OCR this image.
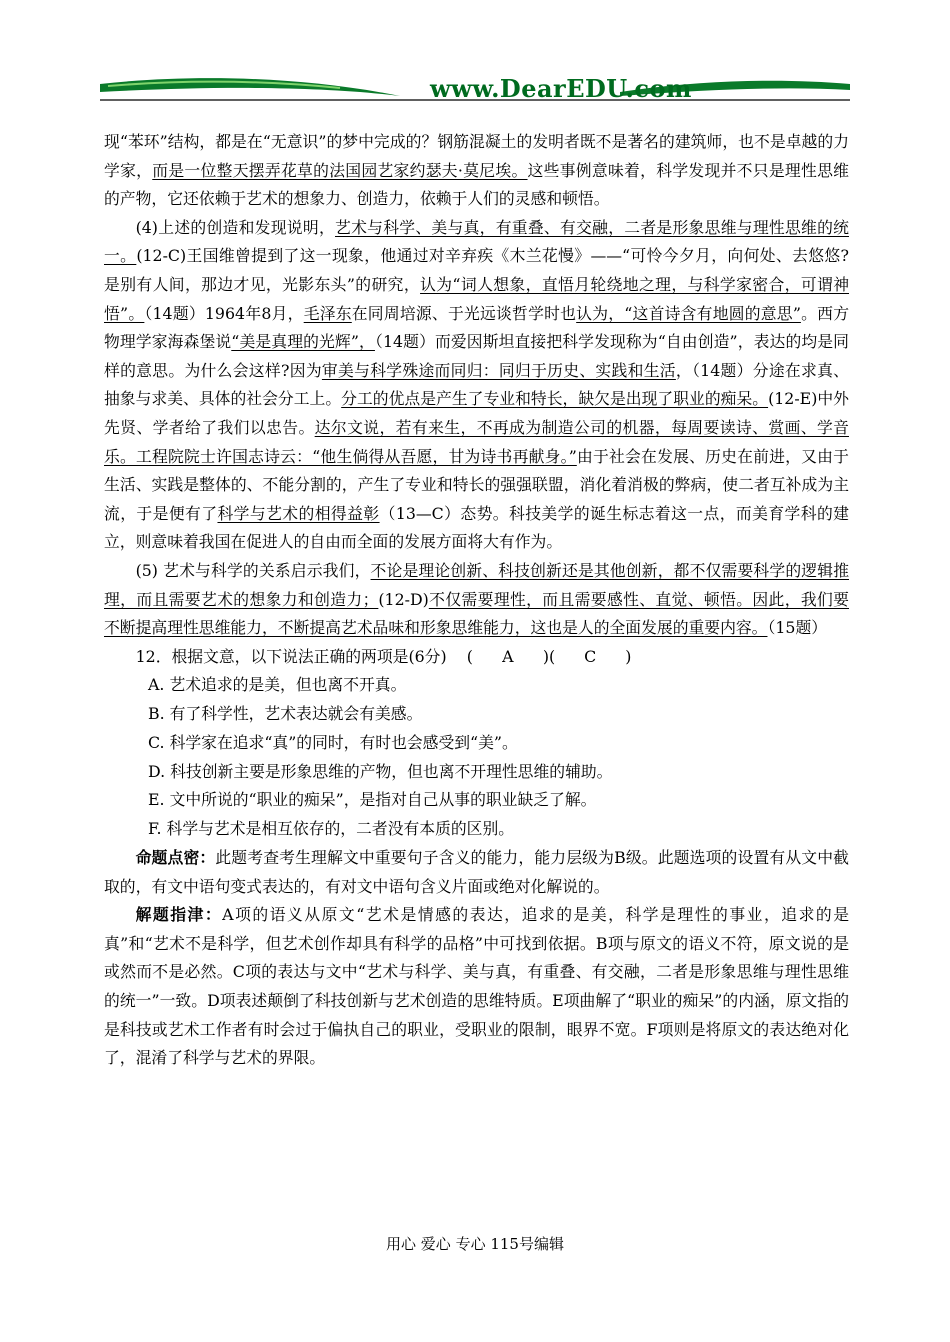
www.DearEDU.com

现“苯环”结构，都是在“无意识”的梦中完成的？钢筋混凝土的发明者既不是著名的建筑师，也不是卓越的力学家，而是一位整天摆弄花草的法国园艺家约瑟夫·莫尼埃。这些事例意味着，科学发现并不只是理性思维的产物，它还依赖于艺术的想象力、创造力，依赖于人们的灵感和顿悟。

(4)上述的创造和发现说明，艺术与科学、美与真，有重叠、有交融，二者是形象思维与理性思维的统一。(12-C)王国维曾提到了这一现象，他通过对辛弃疾《木兰花慢》——“可怜今夕月，向何处、去悠悠?是别有人间，那边才见，光影东头”的研究，认为“词人想象，直悟月轮绕地之理，与科学家密合，可谓神悟”。（14题）1964年8月，毛泽东在同周培源、于光远谈哲学时也认为，“这首诗含有地圆的意思”。西方物理学家海森堡说“美是真理的光辉”，（14题）而爱因斯坦直接把科学发现称为“自由创造”，表达的均是同样的意思。为什么会这样?因为审美与科学殊途而同归：同归于历史、实践和生活，（14题）分途在求真、抽象与求美、具体的社会分工上。分工的优点是产生了专业和特长，缺欠是出现了职业的痴呆。(12-E)中外先贤、学者给了我们以忠告。达尔文说，若有来生，不再成为制造公司的机器，每周要读诗、赏画、学音乐。工程院院士许国志诗云：“他生倘得从吾愿，甘为诗书再献身。”由于社会在发展、历史在前进，又由于生活、实践是整体的、不能分割的，产生了专业和特长的强强联盟，消化着消极的弊病，使二者互补成为主流，于是便有了科学与艺术的相得益彰（13—C）态势。科技美学的诞生标志着这一点，而美育学科的建立，则意味着我国在促进人的自由而全面的发展方面将大有作为。

(5) 艺术与科学的关系启示我们，不论是理论创新、科技创新还是其他创新，都不仅需要科学的逻辑推理，而且需要艺术的想象力和创造力；(12-D)不仅需要理性，而且需要感性、直觉、顿悟。因此，我们要不断提高理性思维能力，不断提高艺术品味和形象思维能力，这也是人的全面发展的重要内容。（15题）

12．根据文意，以下说法正确的两项是(6分) ( A )( C )

A. 艺术追求的是美，但也离不开真。

B. 有了科学性，艺术表达就会有美感。

C. 科学家在追求“真”的同时，有时也会感受到“美”。

D. 科技创新主要是形象思维的产物，但也离不开理性思维的辅助。

E. 文中所说的“职业的痴呆”，是指对自己从事的职业缺乏了解。

F. 科学与艺术是相互依存的，二者没有本质的区别。

命题点密：此题考查考生理解文中重要句子含义的能力，能力层级为B级。此题选项的设置有从文中截取的，有文中语句变式表达的，有对文中语句含义片面或绝对化解说的。

解题指津：A项的语义从原文“艺术是情感的表达，追求的是美，科学是理性的事业，追求的是真”和“艺术不是科学，但艺术创作却具有科学的品格”中可找到依据。B项与原文的语义不符，原文说的是或然而不是必然。C项的表达与文中“艺术与科学、美与真，有重叠、有交融，二者是形象思维与理性思维的统一”一致。D项表述颠倒了科技创新与艺术创造的思维特质。E项曲解了“职业的痴呆”的内涵，原文指的是科技或艺术工作者有时会过于偏执自己的职业，受职业的限制，眼界不宽。F项则是将原文的表达绝对化了，混淆了科学与艺术的界限。

用心 爱心 专心 115号编辑
